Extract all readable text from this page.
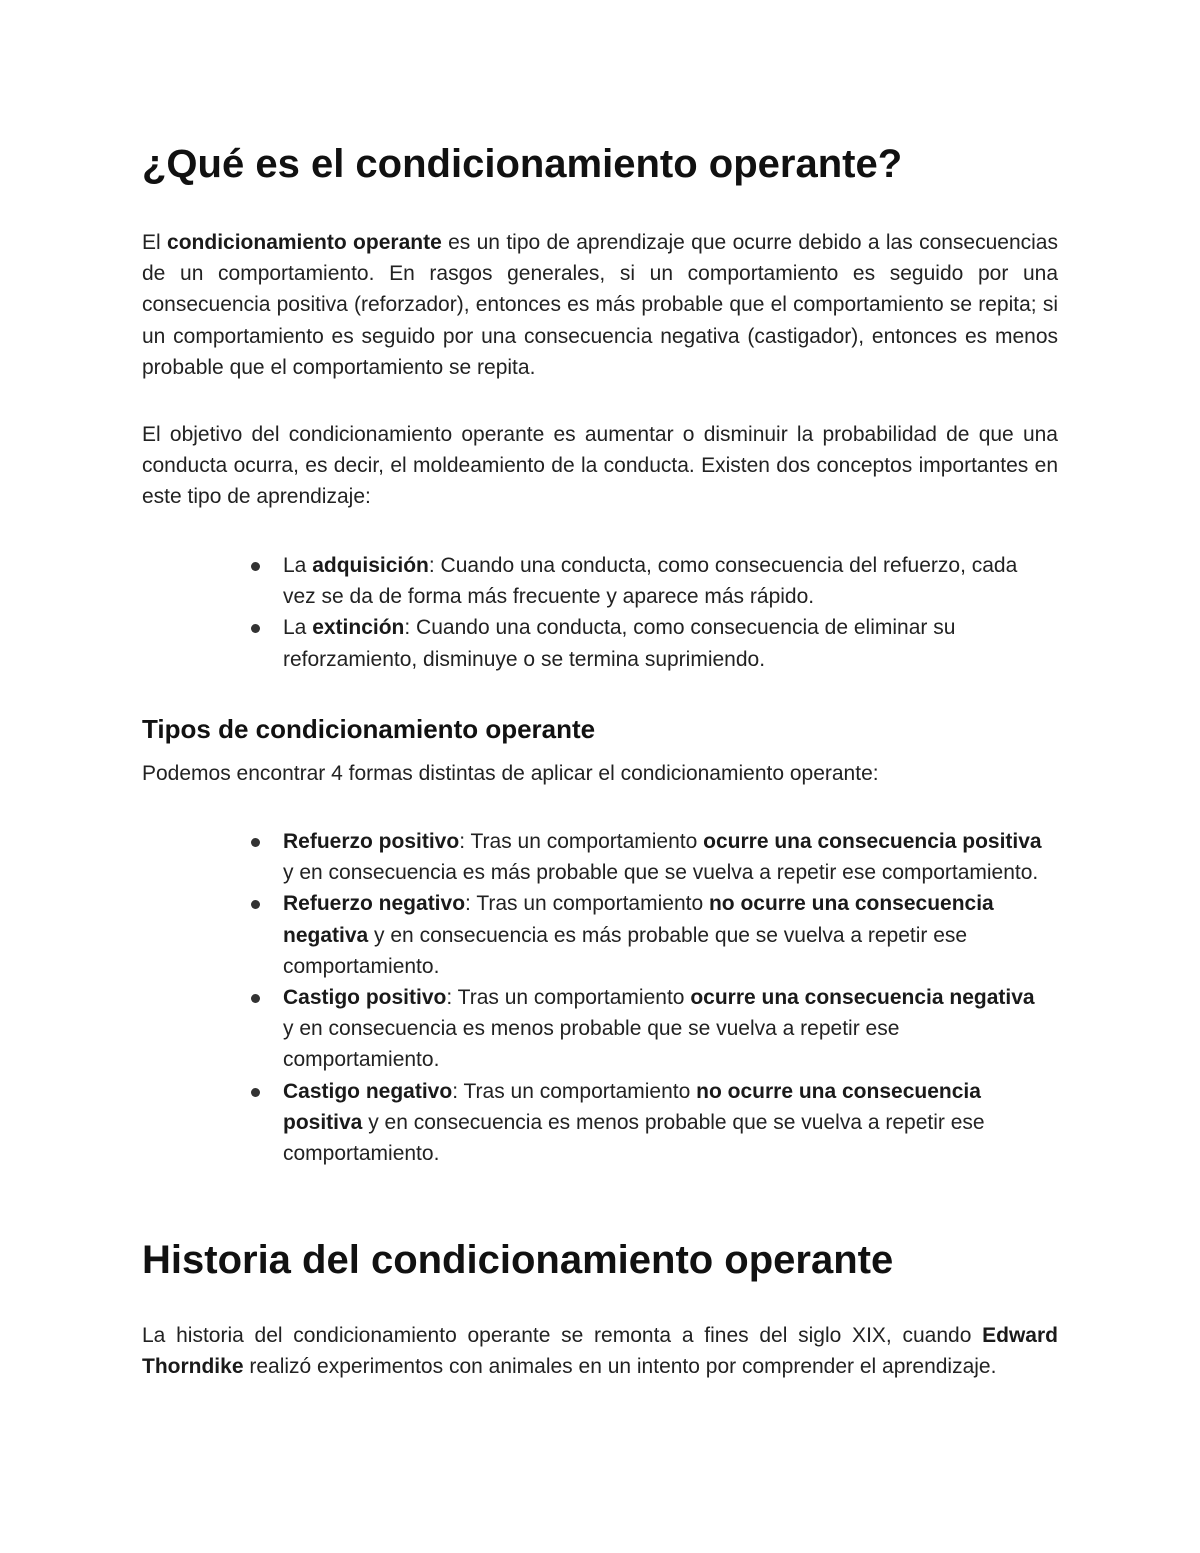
¿Qué es el condicionamiento operante?

El condicionamiento operante es un tipo de aprendizaje que ocurre debido a las consecuencias de un comportamiento. En rasgos generales, si un comportamiento es seguido por una consecuencia positiva (reforzador), entonces es más probable que el comportamiento se repita; si un comportamiento es seguido por una consecuencia negativa (castigador), entonces es menos probable que el comportamiento se repita.

El objetivo del condicionamiento operante es aumentar o disminuir la probabilidad de que una conducta ocurra, es decir, el moldeamiento de la conducta. Existen dos conceptos importantes en este tipo de aprendizaje:

La adquisición: Cuando una conducta, como consecuencia del refuerzo, cada vez se da de forma más frecuente y aparece más rápido.
La extinción: Cuando una conducta, como consecuencia de eliminar su reforzamiento, disminuye o se termina suprimiendo.
Tipos de condicionamiento operante

Podemos encontrar 4 formas distintas de aplicar el condicionamiento operante:

Refuerzo positivo: Tras un comportamiento ocurre una consecuencia positiva y en consecuencia es más probable que se vuelva a repetir ese comportamiento.
Refuerzo negativo: Tras un comportamiento no ocurre una consecuencia negativa y en consecuencia es más probable que se vuelva a repetir ese comportamiento.
Castigo positivo: Tras un comportamiento ocurre una consecuencia negativa y en consecuencia es menos probable que se vuelva a repetir ese comportamiento.
Castigo negativo: Tras un comportamiento no ocurre una consecuencia positiva y en consecuencia es menos probable que se vuelva a repetir ese comportamiento.
Historia del condicionamiento operante

La historia del condicionamiento operante se remonta a fines del siglo XIX, cuando Edward Thorndike realizó experimentos con animales en un intento por comprender el aprendizaje.
